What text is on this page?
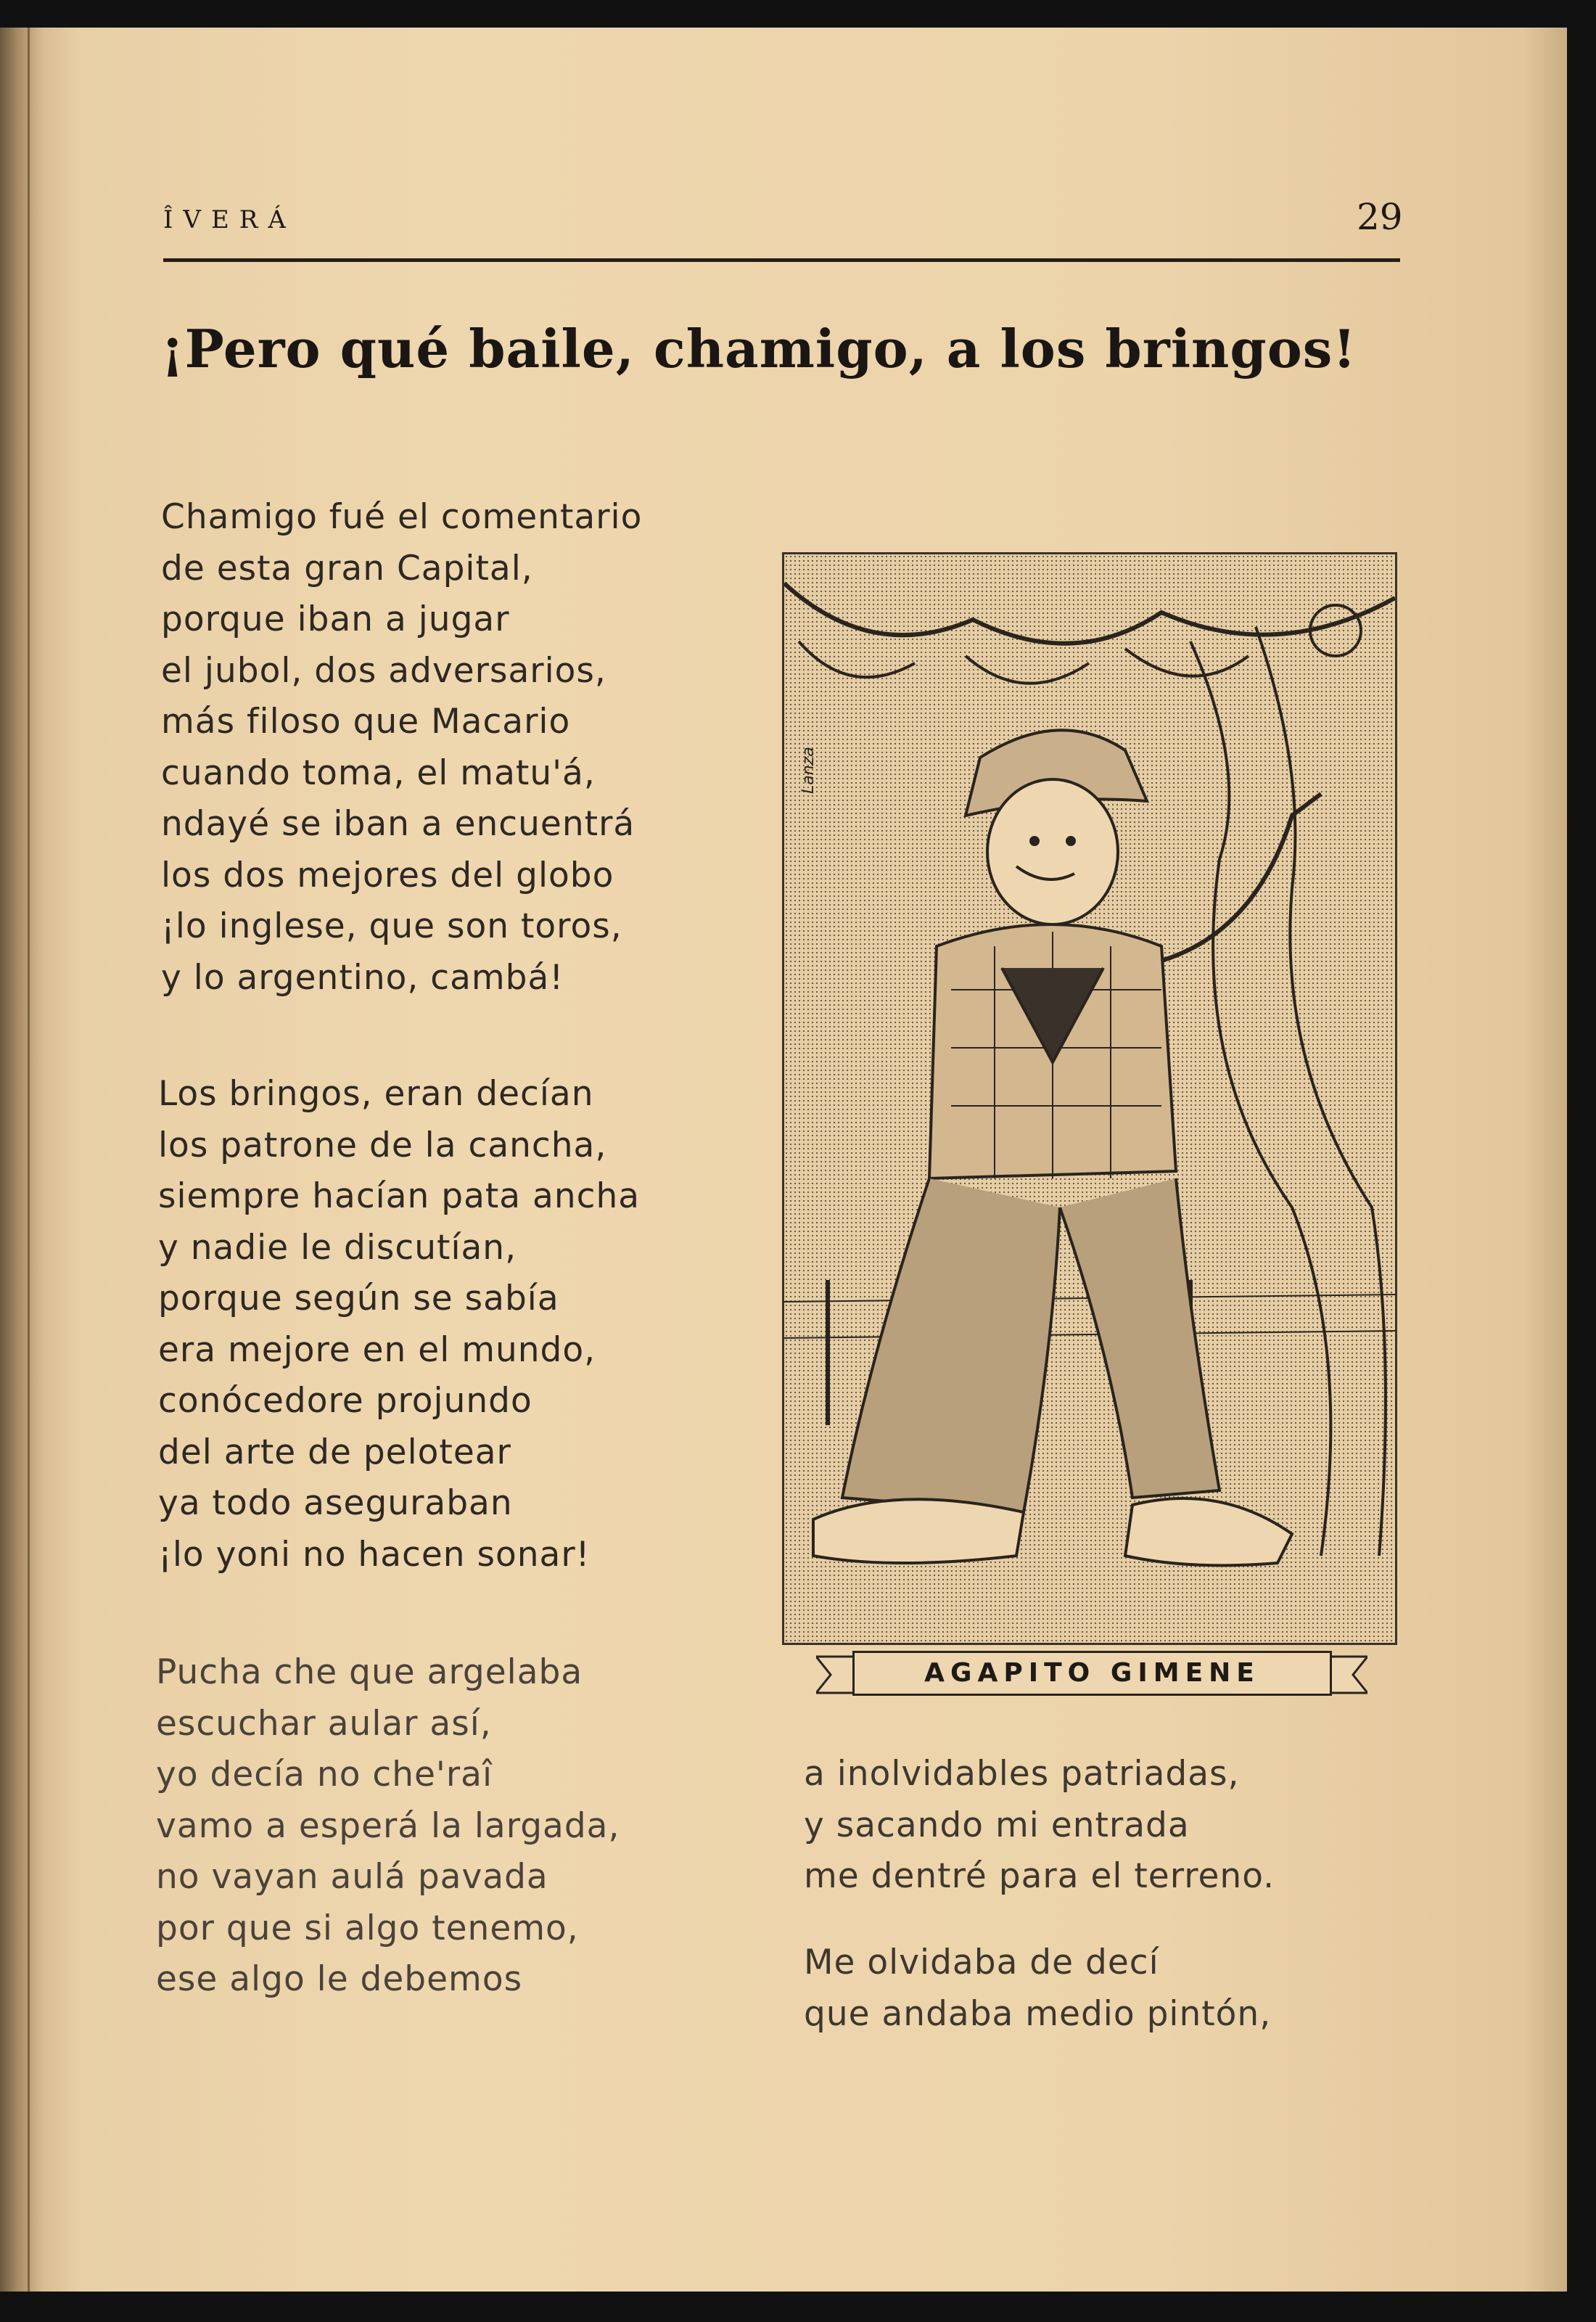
ÎVERÁ	29
¡Pero qué baile, chamigo, a los bringos!
Chamigo fué el comentario
de esta gran Capital,
porque iban a jugar
el jubol, dos adversarios,
más filoso que Macario
cuando toma, el matu'á,
ndayé se iban a encuentrá
los dos mejores del globo
¡lo inglese, que son toros,
y lo argentino, cambá!
Los bringos, eran decían
los patrone de la cancha,
siempre hacían pata ancha
y nadie le discutían,
porque según se sabía
era mejore en el mundo,
conócedore projundo
del arte de pelotear
ya todo aseguraban
¡lo yoni no hacen sonar!
Pucha che que argelaba
escuchar aular así,
yo decía no che'raî
vamo a esperá la largada,
no vayan aulá pavada
por que si algo tenemo,
ese algo le debemos
Lanza
AGAPITO GIMENE
a inolvidables patriadas,
y sacando mi entrada
me dentré para el terreno.
Me olvidaba de decí
que andaba medio pintón,
